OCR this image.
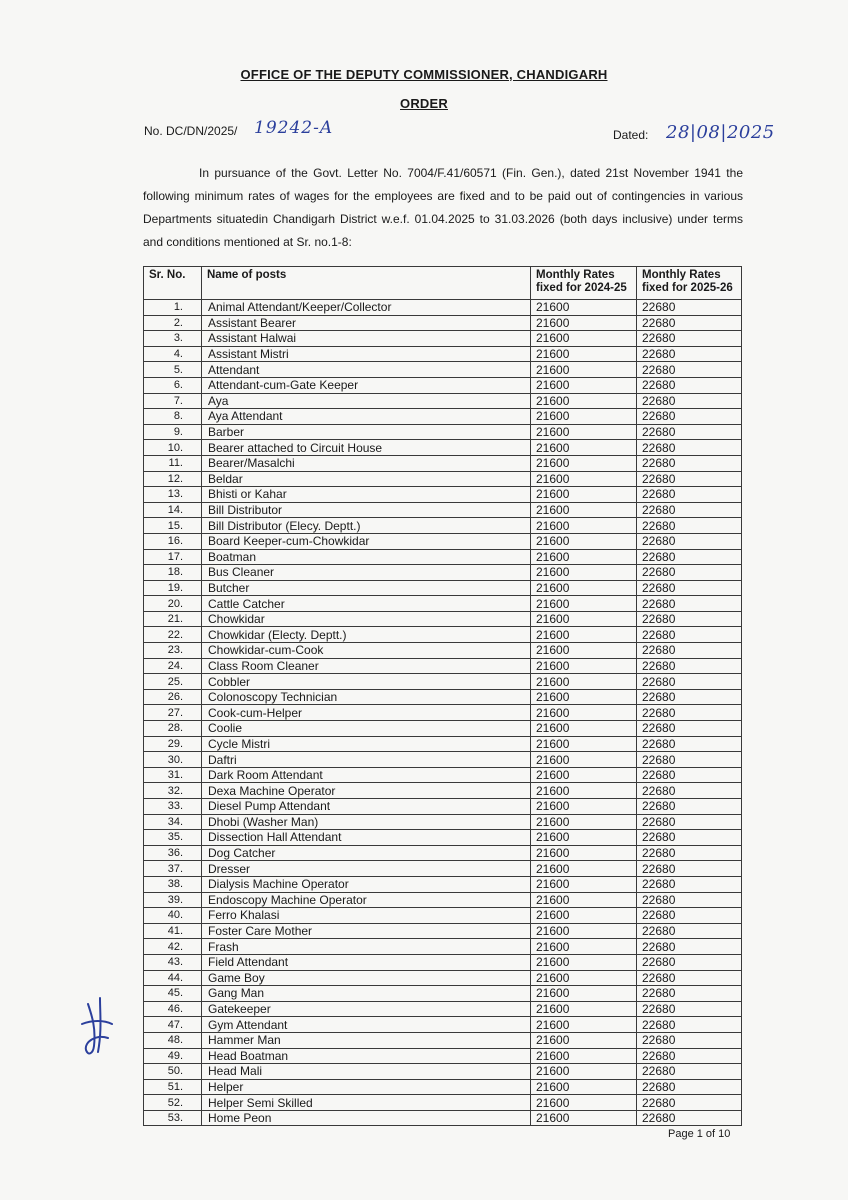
OFFICE OF THE DEPUTY COMMISSIONER, CHANDIGARH
ORDER
No. DC/DN/2025/ 19242-A	Dated: 28|08|2025

In pursuance of the Govt. Letter No. 7004/F.41/60571 (Fin. Gen.), dated 21st November 1941 the following minimum rates of wages for the employees are fixed and to be paid out of contingencies in various Departments situatedin Chandigarh District w.e.f. 01.04.2025 to 31.03.2026 (both days inclusive) under terms and conditions mentioned at Sr. no.1-8:

Sr. No.	Name of posts	Monthly Rates fixed for 2024-25	Monthly Rates fixed for 2025-26
1.	Animal Attendant/Keeper/Collector	21600	22680
2.	Assistant Bearer	21600	22680
3.	Assistant Halwai	21600	22680
4.	Assistant Mistri	21600	22680
5.	Attendant	21600	22680
6.	Attendant-cum-Gate Keeper	21600	22680
7.	Aya	21600	22680
8.	Aya Attendant	21600	22680
9.	Barber	21600	22680
10.	Bearer attached to Circuit House	21600	22680
11.	Bearer/Masalchi	21600	22680
12.	Beldar	21600	22680
13.	Bhisti or Kahar	21600	22680
14.	Bill Distributor	21600	22680
15.	Bill Distributor (Elecy. Deptt.)	21600	22680
16.	Board Keeper-cum-Chowkidar	21600	22680
17.	Boatman	21600	22680
18.	Bus Cleaner	21600	22680
19.	Butcher	21600	22680
20.	Cattle Catcher	21600	22680
21.	Chowkidar	21600	22680
22.	Chowkidar (Electy. Deptt.)	21600	22680
23.	Chowkidar-cum-Cook	21600	22680
24.	Class Room Cleaner	21600	22680
25.	Cobbler	21600	22680
26.	Colonoscopy Technician	21600	22680
27.	Cook-cum-Helper	21600	22680
28.	Coolie	21600	22680
29.	Cycle Mistri	21600	22680
30.	Daftri	21600	22680
31.	Dark Room Attendant	21600	22680
32.	Dexa Machine Operator	21600	22680
33.	Diesel Pump Attendant	21600	22680
34.	Dhobi (Washer Man)	21600	22680
35.	Dissection Hall Attendant	21600	22680
36.	Dog Catcher	21600	22680
37.	Dresser	21600	22680
38.	Dialysis Machine Operator	21600	22680
39.	Endoscopy Machine Operator	21600	22680
40.	Ferro Khalasi	21600	22680
41.	Foster Care Mother	21600	22680
42.	Frash	21600	22680
43.	Field Attendant	21600	22680
44.	Game Boy	21600	22680
45.	Gang Man	21600	22680
46.	Gatekeeper	21600	22680
47.	Gym Attendant	21600	22680
48.	Hammer Man	21600	22680
49.	Head Boatman	21600	22680
50.	Head Mali	21600	22680
51.	Helper	21600	22680
52.	Helper Semi Skilled	21600	22680
53.	Home Peon	21600	22680
Page 1 of 10
